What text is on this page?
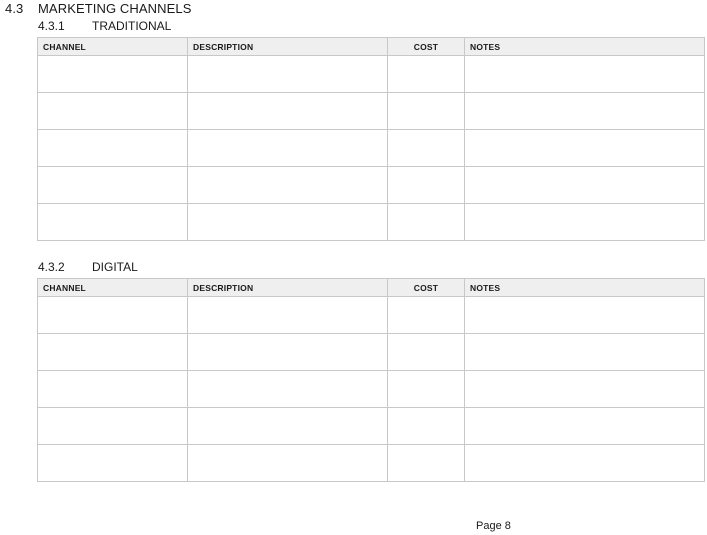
4.3 MARKETING CHANNELS
4.3.1 TRADITIONAL
CHANNEL	DESCRIPTION	COST	NOTES

4.3.2 DIGITAL
CHANNEL	DESCRIPTION	COST	NOTES

Page 8
